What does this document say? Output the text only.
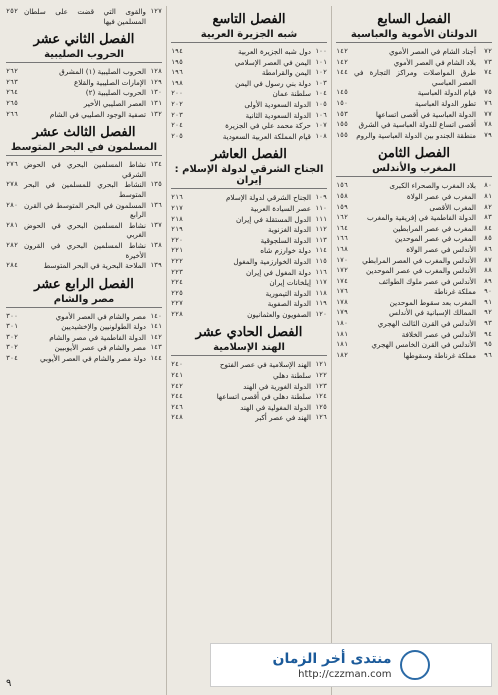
الفصل السابع
الدولتان الأموية والعباسية
٧٢
أجناد الشام في العصر الأموي
١٤٢
٧٣
بلاد الشام في العصر الأموي
١٤٢
٧٤
طرق المواصلات ومراكز التجارة في العصر العباسي
١٤٤
٧٥
قيام الدولة العباسية
١٤٥
٧٦
تطور الدولة العباسية
١٥٠
٧٧
الدولة العباسية في أقصى اتساعها
١٥٣
٧٨
أقصى اتساع للدولة العباسية في الشرق
١٥٥
٧٩
منطقة الجندو بين الدولة العباسية والروم
١٥٥
الفصل الثامن
المغرب والأندلس
٨٠
بلاد المغرب والصحراء الكبرى
١٥٦
٨١
المغرب في عصر الولاة
١٥٨
٨٢
المغرب الأقصى
١٥٩
٨٣
الدولة الفاطمية في إفريقية والمغرب
١٦٢
٨٤
المغرب في عصر المرابطين
١٦٤
٨٥
المغرب في عصر الموحدين
١٦٦
٨٦
الأندلس في عصر الولاة
١٦٨
٨٧
الأندلس والمغرب في العصر المرابطي
١٧٠
٨٨
الأندلس والمغرب في عصر الموحدين
١٧٢
٨٩
الأندلس في عصر ملوك الطوائف
١٧٤
٩٠
مملكة غرناطة
١٧٦
٩١
المغرب بعد سقوط الموحدين
١٧٨
٩٢
الممالك الإسبانية في الأندلس
١٧٩
٩٣
الأندلس في القرن الثالث الهجري
١٨٠
٩٤
الأندلس في عصر الخلافة
١٨١
٩٥
الأندلس في القرن الخامس الهجري
١٨١
٩٦
مملكة غرناطة وسقوطها
١٨٢
الفصل التاسع
شبه الجزيرة العربية
١٠٠
دول شبه الجزيرة العربية
١٩٤
١٠١
اليمن في العصر الإسلامي
١٩٥
١٠٢
اليمن والقرامطة
١٩٦
١٠٣
دولة بني رسول في اليمن
١٩٨
١٠٤
سلطنة عمان
٢٠٠
١٠٥
الدولة السعودية الأولى
٢٠٢
١٠٦
الدولة السعودية الثانية
٢٠٣
١٠٧
حركة محمد علي في الجزيرة
٢٠٤
١٠٨
قيام المملكة العربية السعودية
٢٠٥
الفصل العاشر
الجناح الشرقي لدولة الإسلام : إيران
١٠٩
الجناح الشرقي لدولة الإسلام
٢١٦
١١٠
عصر السيادة العربية
٢١٧
١١١
الدول المستقلة في إيران
٢١٨
١١٢
الدولة الغزنوية
٢١٩
١١٣
الدولة السلجوقية
٢٢٠
١١٤
دولة خوارزم شاه
٢٢١
١١٥
الدولة الخوارزمية والمغول
٢٢٢
١١٦
دولة المغول في إيران
٢٢٣
١١٧
إيلخانات إيران
٢٢٤
١١٨
الدولة التيمورية
٢٢٥
١١٩
الدولة الصفوية
٢٢٧
١٢٠
الصفويون والعثمانيون
٢٢٨
الفصل الحادي عشر
الهند الإسلامية
١٢١
الهند الإسلامية في عصر الفتوح
٢٤٠
١٢٢
سلطنة دهلي
٢٤١
١٢٣
الدولة الغورية في الهند
٢٤٢
١٢٤
سلطنة دهلي في أقصى اتساعها
٢٤٤
١٢٥
الدولة المغولية في الهند
٢٤٦
١٢٦
الهند في عصر أكبر
٢٤٨
١٢٧
والقوى التي قضت على سلطان المسلمين فيها
٢٥٢
الفصل الثاني عشر
الحروب الصليبية
١٢٨
الحروب الصليبية (١) المشرق
٢٦٢
١٢٩
الإمارات الصليبية والقلاع
٢٦٣
١٣٠
الحروب الصليبية (٢)
٢٦٤
١٣١
العصر الصليبي الأخير
٢٦٥
١٣٢
تصفية الوجود الصليبي في الشام
٢٦٦
الفصل الثالث عشر
المسلمون في البحر المتوسط
١٣٤
نشاط المسلمين البحري في الحوض الشرقي
٢٧٦
١٣٥
النشاط البحري للمسلمين في البحر المتوسط
٢٧٨
١٣٦
المسلمون في البحر المتوسط في القرن الرابع
٢٨٠
١٣٧
نشاط المسلمين البحري في الحوض الغربي
٢٨١
١٣٨
نشاط المسلمين البحري في القرون الأخيرة
٢٨٢
١٣٩
الملاحة البحرية في البحر المتوسط
٢٨٤
الفصل الرابع عشر
مصر والشام
١٤٠
مصر والشام في العصر الأموي
٣٠٠
١٤١
دولة الطولونيين والإخشيديين
٣٠١
١٤٢
الدولة الفاطمية في مصر والشام
٣٠٢
١٤٣
مصر والشام في عصر الأيوبيين
٣٠٢
١٤٤
دولة مصر والشام في العصر الأيوبي
٣٠٤
منتدى أخر الزمان
http://czzman.com
٩
